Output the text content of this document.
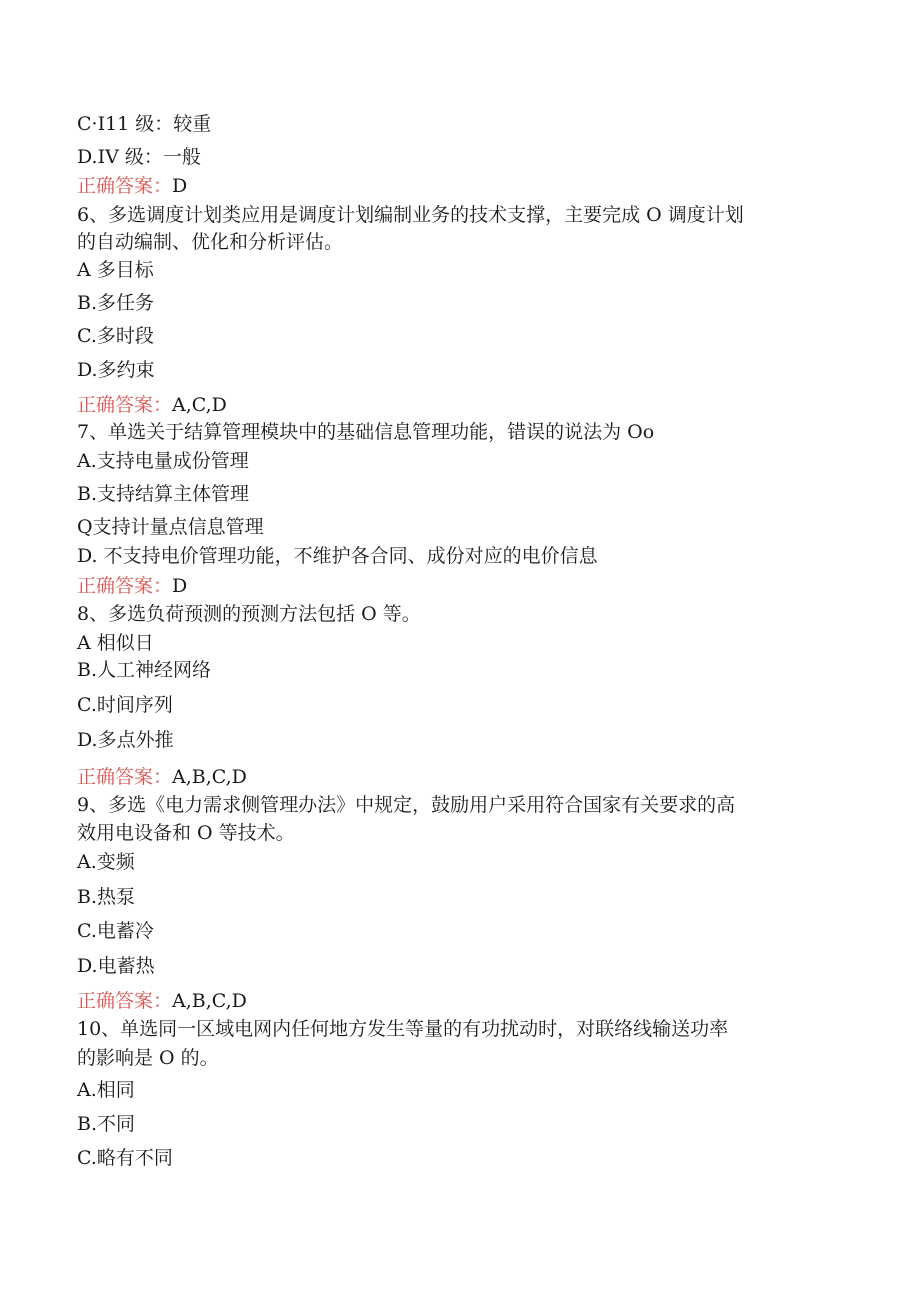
C·I11 级：较重
D.IV 级：一般
正确答案：D
6、多选调度计划类应用是调度计划编制业务的技术支撑，主要完成 O 调度计划
的自动编制、优化和分析评估。
A 多目标
B.多任务
C.多时段
D.多约束
正确答案：A,C,D
7、单选关于结算管理模块中的基础信息管理功能，错误的说法为 Oo
A.支持电量成份管理
B.支持结算主体管理
Q支持计量点信息管理
D. 不支持电价管理功能，不维护各合同、成份对应的电价信息
正确答案：D
8、多选负荷预测的预测方法包括 O 等。
A 相似日
B.人工神经网络
C.时间序列
D.多点外推
正确答案：A,B,C,D
9、多选《电力需求侧管理办法》中规定，鼓励用户采用符合国家有关要求的高
效用电设备和 O 等技术。
A.变频
B.热泵
C.电蓄冷
D.电蓄热
正确答案：A,B,C,D
10、单选同一区域电网内任何地方发生等量的有功扰动时，对联络线输送功率
的影响是 O 的。
A.相同
B.不同
C.略有不同
